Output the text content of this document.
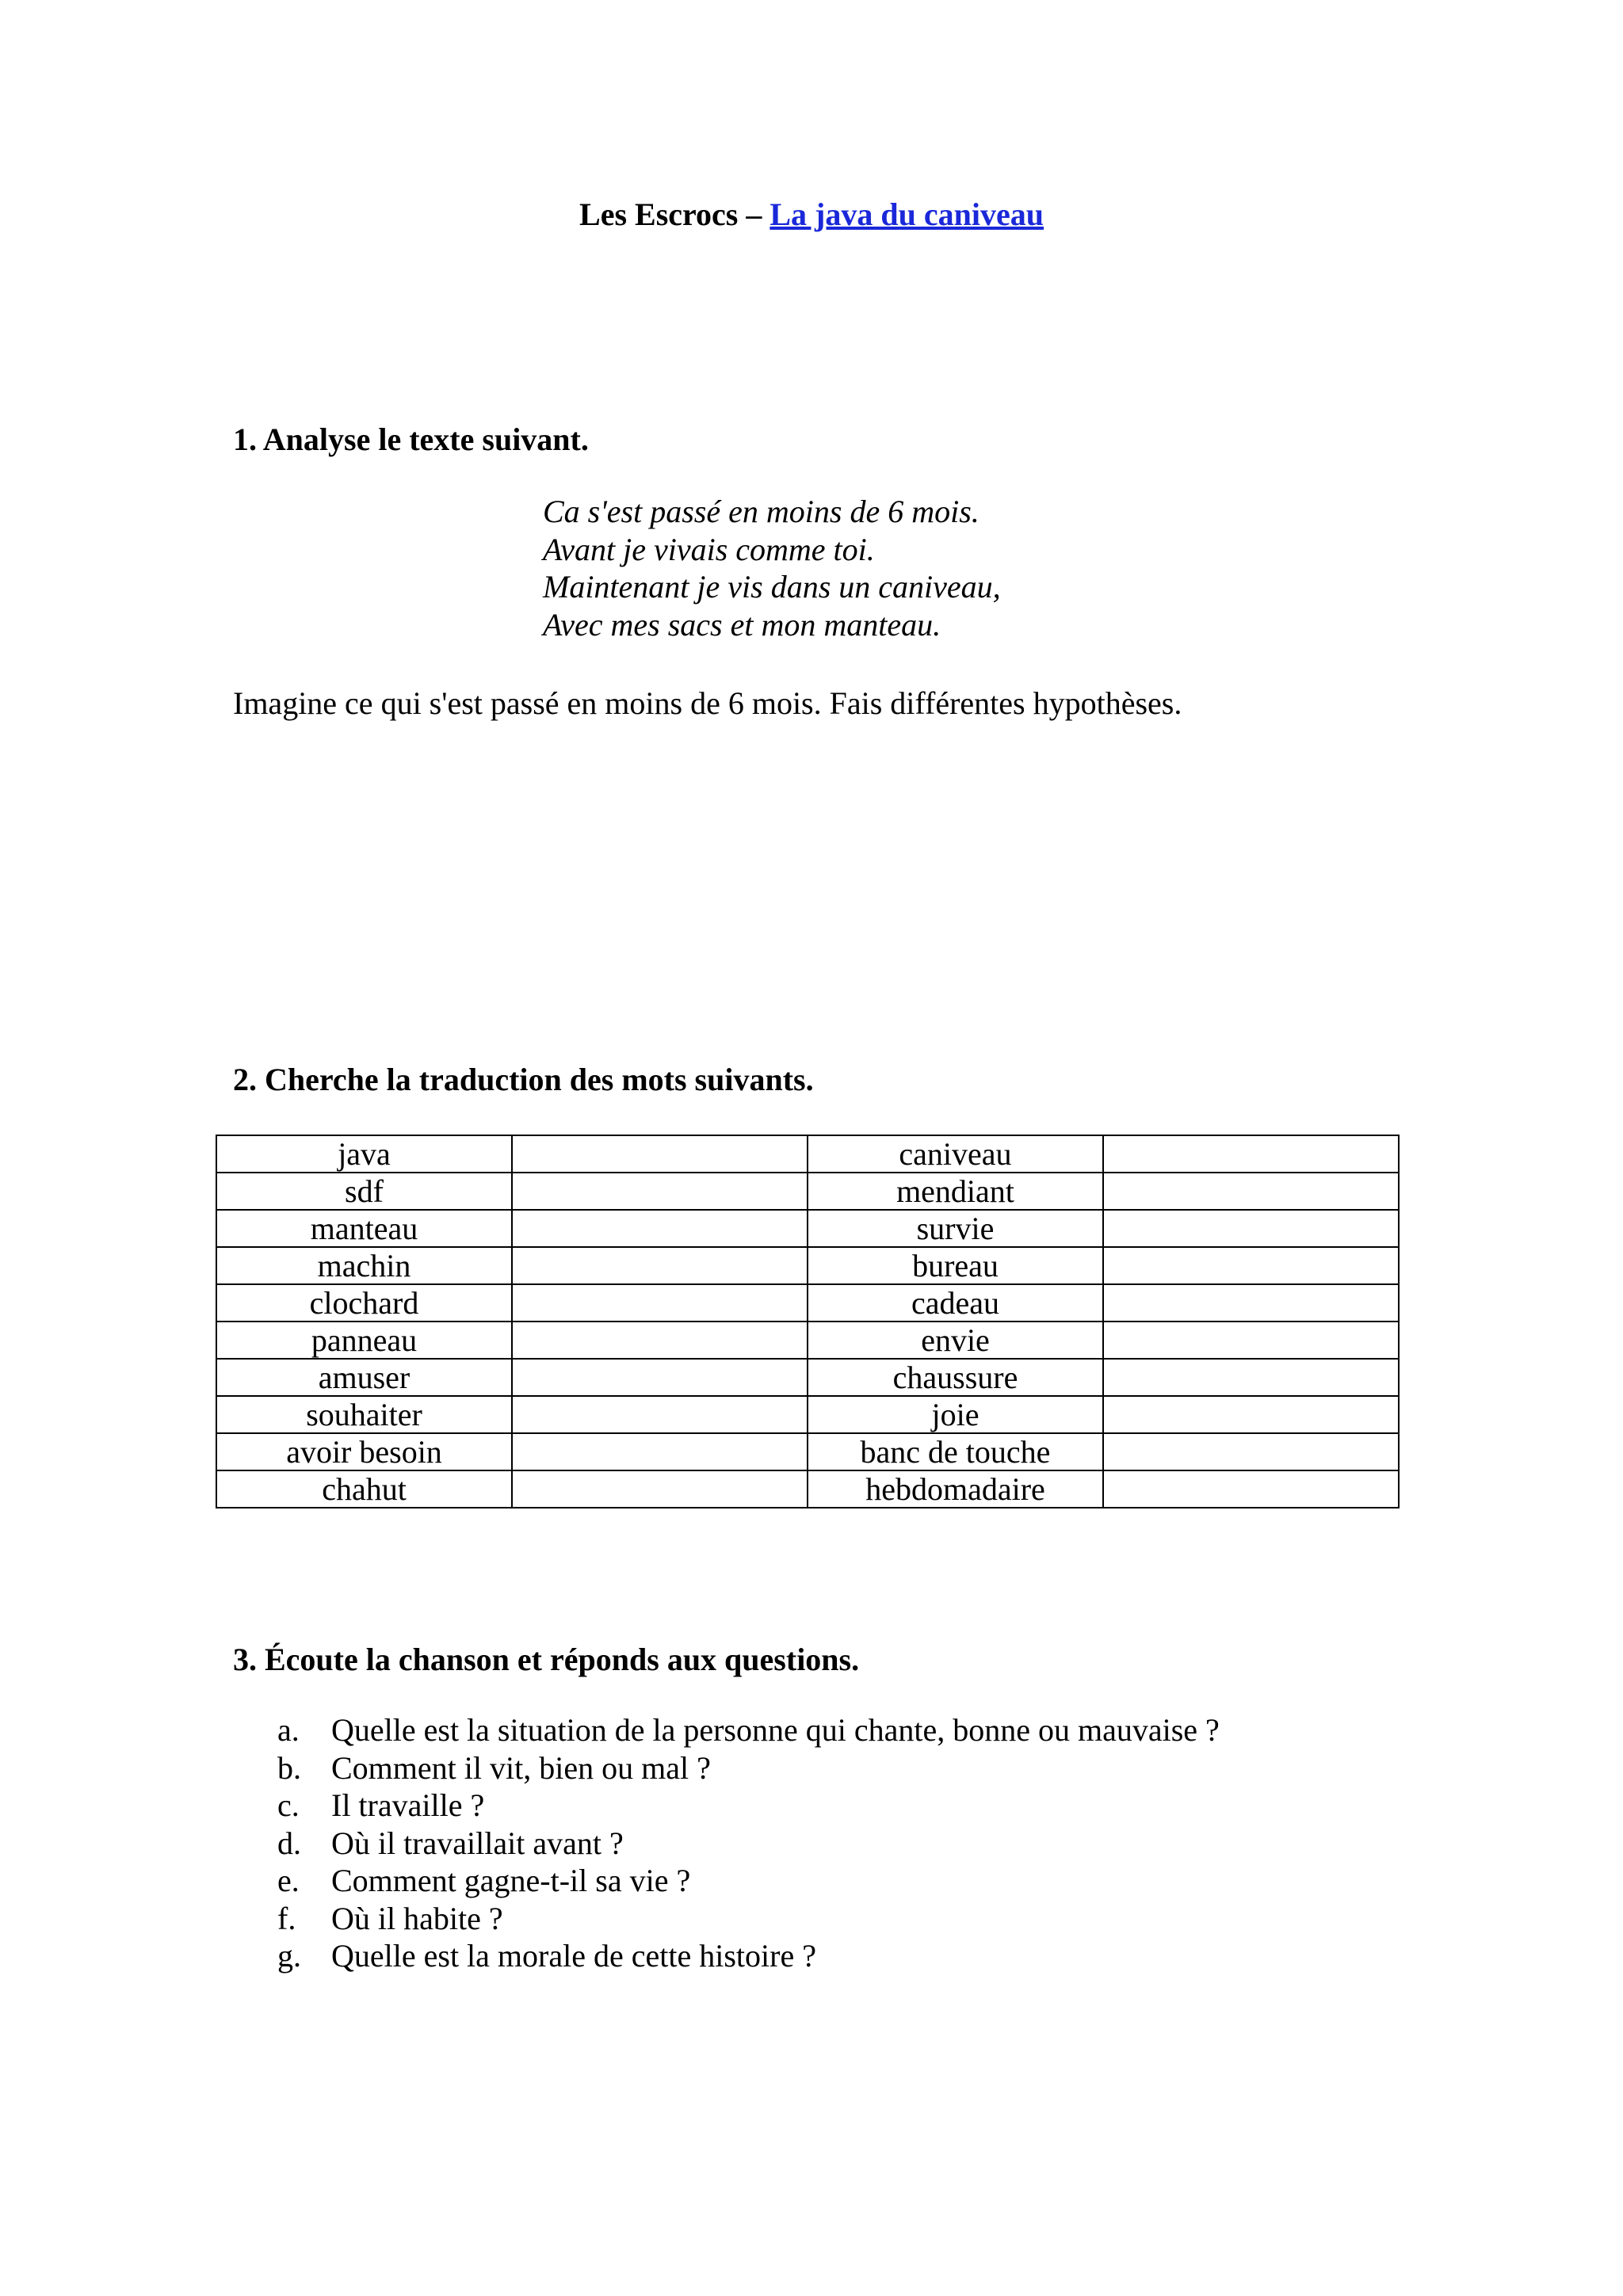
Les Escrocs – La java du caniveau
1. Analyse le texte suivant.
Ca s'est passé en moins de 6 mois.
Avant je vivais comme toi.
Maintenant je vis dans un caniveau,
Avec mes sacs et mon manteau.
Imagine ce qui s'est passé en moins de 6 mois. Fais différentes hypothèses.
2. Cherche la traduction des mots suivants.
java		caniveau	
sdf		mendiant	
manteau		survie	
machin		bureau	
clochard		cadeau	
panneau		envie	
amuser		chaussure	
souhaiter		joie	
avoir besoin		banc de touche	
chahut		hebdomadaire	
3. Écoute la chanson et réponds aux questions.
a. Quelle est la situation de la personne qui chante, bonne ou mauvaise ?
b. Comment il vit, bien ou mal ?
c. Il travaille ?
d. Où il travaillait avant ?
e. Comment gagne-t-il sa vie ?
f. Où il habite ?
g. Quelle est la morale de cette histoire ?
